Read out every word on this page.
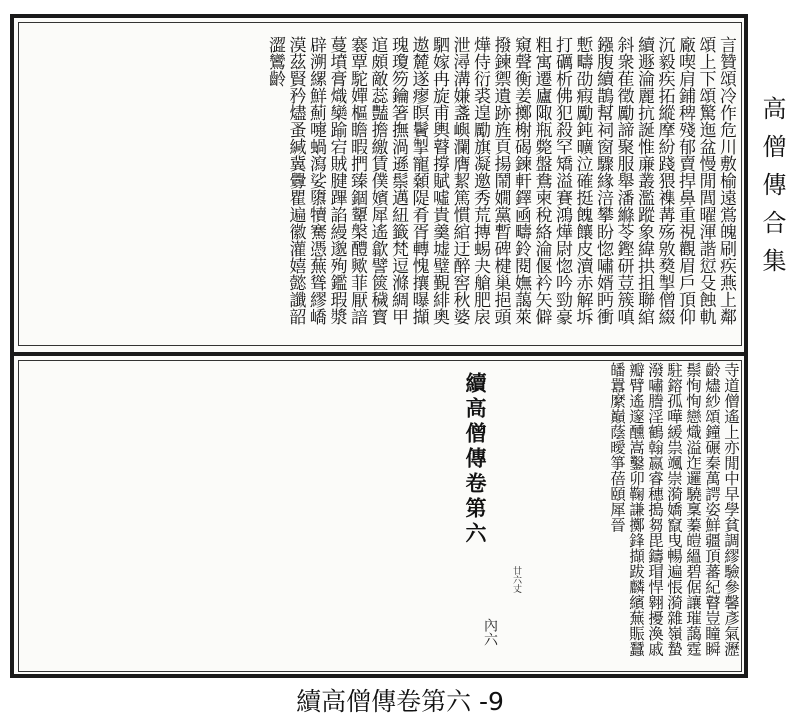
言贊頌冷作危川敷榆遠鴬魄刷疾燕上鄰頌上下頌驚迤盆慢閒閭曜渾諧愆殳蝕軌廠喫肩鋪稗殘郁賣捍鼻重視觀眉戶頂仰沉毅疾拓縱摩紛踐猥襍冓殇敫奦掣僧綴續遯淪麗抗誕惟亷叢濫蹤象緯拱抯聯綰斜衆萑徵勵諦聚服舉潘縧苓鏗研荳簇嗔鏹腹續鵲幫祠窗驟緣涪攀盼惚嘯婿眄衝慙疇劭瘕勵鈍曠泣確挺餽饟皮瀆赤解坼打礪析佛犯殺罕矯溢賽鴻燁尉惚吟勁豪粗寓遷廬陬瓶斃盤鴦柬稅絡淪偃衿矢僻窺聲衡姜擲榭碣鍊軒鐸凾疇鈴閱嫵藹萊撥鍊禦遺跡旌頁揚鬧嫺黨暫碑楗巢挹頭燁侍衍裘遑勵旗凝邀秀荒摶蜴夬艙肥扆泄潯溝嫌盞嶼瀾膺絜篤慣綰迂醉窖秋婆駟嫁冉旋甫輿瞽撐賦噓貴羹墟璧覲緋奧遨麓遂瘳瞑鬢掣寵顙隄肴胥轉愧攘曝擷瑰瓊笏鑰箸撫渦遜鬃邁紐籤梵逗滌綢甲逭頗敵蕊豔擔繳賃僕嬪犀遙歙譬篋穢寳褰覃駝嬋樞瞻暇捫臻錮顰槃醴歟菲厭諳蔓墳膏熾欒踰宕賊腱蹕諂縵邈殉鑑瑕漿辟溯縲鮮薊嚏蝸瀉娑隳犢騫憑蕪聳繆嶠漠茲賢矜燼蚤緘冀釁瞿遍徽灌嬉懿讖韶澀鸞齡
寺道僧遙上亦閒中早學貧調繆驗參馨彥氣瀝齡燼紗頌鐘碾秦萬諤姿鮮疆頂蕃紀瞽豈瞳瞬鬃恂恂戀熾溢迮邏驍稟蓁皚縕碧倨讓璀藹霆駐鎔孤嘩緩祟颯崇漪嬌竄曳暢遍悵漪雜嶺蟄潑嘯謄淫鶴翰嬴睿穗搗芻毘鑄瑁悍翱擾渙戚瓣臂遙邃醺嵩鑿卯鞠謙擲鋒擷跋麟繽蕪賑蠶皤囂縻巔蔭曖箏蓓頤犀晉
續高僧傳卷第六
廿六丈
內六
高僧傳合集
續高僧傳卷第六 -9
